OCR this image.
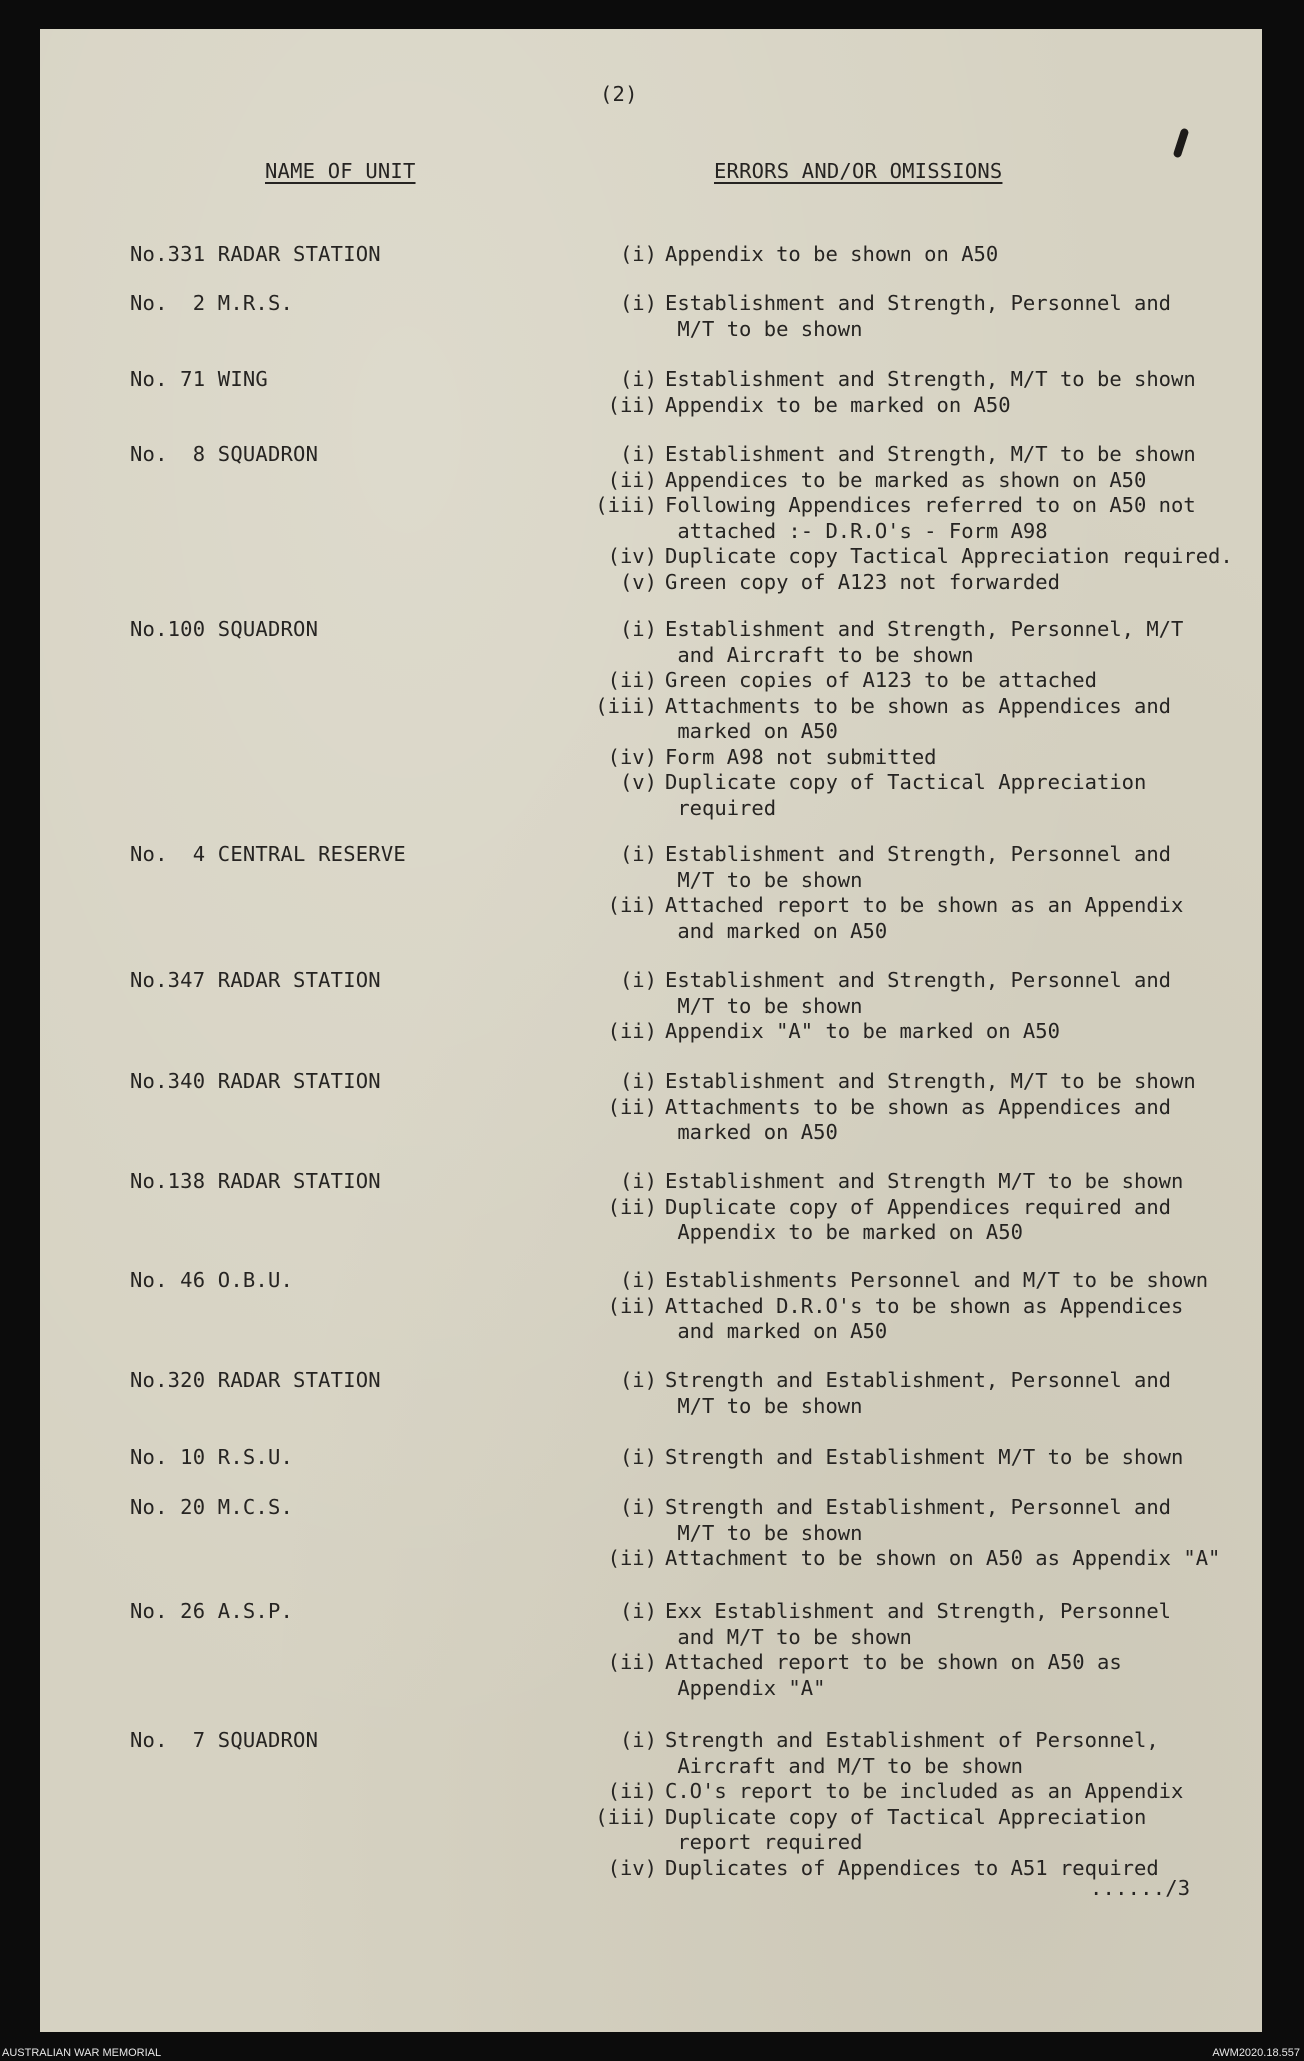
(2)
NAME OF UNIT	ERRORS AND/OR OMISSIONS
No.331 RADAR STATION	(i) Appendix to be shown on A50
No.  2 M.R.S.	(i) Establishment and Strength, Personnel and
M/T to be shown
No. 71 WING	(i) Establishment and Strength, M/T to be shown
(ii) Appendix to be marked on A50
No.  8 SQUADRON	(i) Establishment and Strength, M/T to be shown
(ii) Appendices to be marked as shown on A50
(iii) Following Appendices referred to on A50 not
attached :- D.R.O's - Form A98
(iv) Duplicate copy Tactical Appreciation required.
(v) Green copy of A123 not forwarded
No.100 SQUADRON	(i) Establishment and Strength, Personnel, M/T
and Aircraft to be shown
(ii) Green copies of A123 to be attached
(iii) Attachments to be shown as Appendices and
marked on A50
(iv) Form A98 not submitted
(v) Duplicate copy of Tactical Appreciation
required
No.  4 CENTRAL RESERVE	(i) Establishment and Strength, Personnel and
M/T to be shown
(ii) Attached report to be shown as an Appendix
and marked on A50
No.347 RADAR STATION	(i) Establishment and Strength, Personnel and
M/T to be shown
(ii) Appendix "A" to be marked on A50
No.340 RADAR STATION	(i) Establishment and Strength, M/T to be shown
(ii) Attachments to be shown as Appendices and
marked on A50
No.138 RADAR STATION	(i) Establishment and Strength M/T to be shown
(ii) Duplicate copy of Appendices required and
Appendix to be marked on A50
No. 46 O.B.U.	(i) Establishments Personnel and M/T to be shown
(ii) Attached D.R.O's to be shown as Appendices
and marked on A50
No.320 RADAR STATION	(i) Strength and Establishment, Personnel and
M/T to be shown
No. 10 R.S.U.	(i) Strength and Establishment M/T to be shown
No. 20 M.C.S.	(i) Strength and Establishment, Personnel and
M/T to be shown
(ii) Attachment to be shown on A50 as Appendix "A"
No. 26 A.S.P.	(i) Exx Establishment and Strength, Personnel
and M/T to be shown
(ii) Attached report to be shown on A50 as
Appendix "A"
No.  7 SQUADRON	(i) Strength and Establishment of Personnel,
Aircraft and M/T to be shown
(ii) C.O's report to be included as an Appendix
(iii) Duplicate copy of Tactical Appreciation
report required
(iv) Duplicates of Appendices to A51 required
....../3
AUSTRALIAN WAR MEMORIAL	AWM2020.18.557
